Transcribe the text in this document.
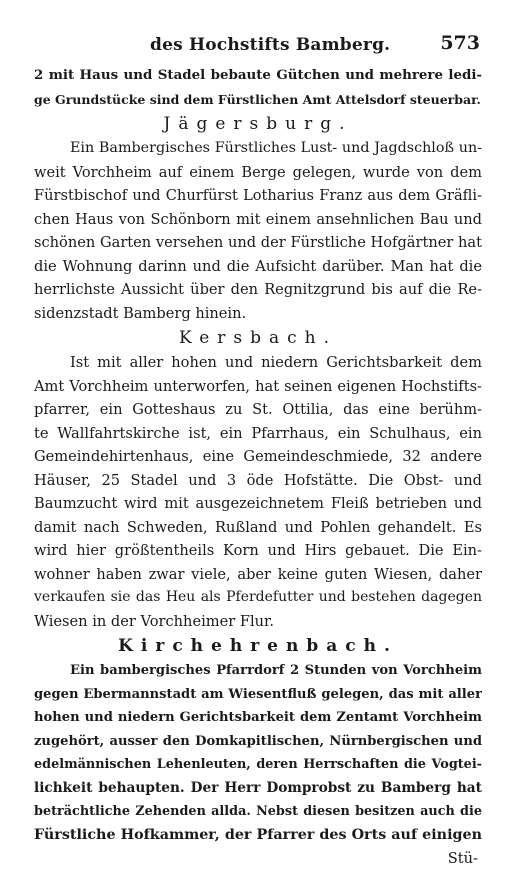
des Hochstifts Bamberg.	573
2 mit Haus und Stadel bebaute Gütchen und mehrere ledi-
ge Grundstücke sind dem Fürstlichen Amt Attelsdorf steuerbar.
Jägersburg.
Ein Bambergisches Fürstliches Lust- und Jagdschloß un-
weit Vorchheim auf einem Berge gelegen, wurde von dem
Fürstbischof und Churfürst Lotharius Franz aus dem Gräfli-
chen Haus von Schönborn mit einem ansehnlichen Bau und
schönen Garten versehen und der Fürstliche Hofgärtner hat
die Wohnung darinn und die Aufsicht darüber. Man hat die
herrlichste Aussicht über den Regnitzgrund bis auf die Re-
sidenzstadt Bamberg hinein.
Kersbach.
Ist mit aller hohen und niedern Gerichtsbarkeit dem
Amt Vorchheim unterworfen, hat seinen eigenen Hochstifts-
pfarrer, ein Gotteshaus zu St. Ottilia, das eine berühm-
te Wallfahrtskirche ist, ein Pfarrhaus, ein Schulhaus, ein
Gemeindehirtenhaus, eine Gemeindeschmiede, 32 andere
Häuser, 25 Stadel und 3 öde Hofstätte. Die Obst- und
Baumzucht wird mit ausgezeichnetem Fleiß betrieben und
damit nach Schweden, Rußland und Pohlen gehandelt. Es
wird hier größtentheils Korn und Hirs gebauet. Die Ein-
wohner haben zwar viele, aber keine guten Wiesen, daher
verkaufen sie das Heu als Pferdefutter und bestehen dagegen
Wiesen in der Vorchheimer Flur.
Kirchehrenbach.
Ein bambergisches Pfarrdorf 2 Stunden von Vorchheim
gegen Ebermannstadt am Wiesentfluß gelegen, das mit aller
hohen und niedern Gerichtsbarkeit dem Zentamt Vorchheim
zugehört, ausser den Domkapitlischen, Nürnbergischen und
edelmännischen Lehenleuten, deren Herrschaften die Vogtei-
lichkeit behaupten. Der Herr Domprobst zu Bamberg hat
beträchtliche Zehenden allda. Nebst diesen besitzen auch die
Fürstliche Hofkammer, der Pfarrer des Orts auf einigen
Stü-
